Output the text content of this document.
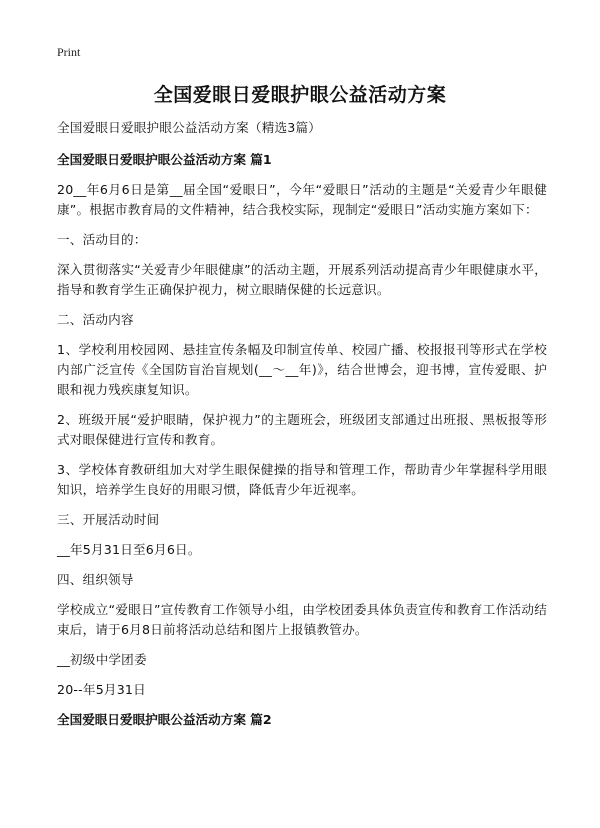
Print
全国爱眼日爱眼护眼公益活动方案
全国爱眼日爱眼护眼公益活动方案（精选3篇）
全国爱眼日爱眼护眼公益活动方案 篇1
20__年6月6日是第__届全国“爱眼日”，今年“爱眼日”活动的主题是“关爱青少年眼健康”。根据市教育局的文件精神，结合我校实际，现制定“爱眼日”活动实施方案如下：
一、活动目的：
深入贯彻落实“关爱青少年眼健康”的活动主题，开展系列活动提高青少年眼健康水平，指导和教育学生正确保护视力，树立眼睛保健的长远意识。
二、活动内容
1、学校利用校园网、悬挂宣传条幅及印制宣传单、校园广播、校报报刊等形式在学校内部广泛宣传《全国防盲治盲规划(__～__年)》，结合世博会，迎书博，宣传爱眼、护眼和视力残疾康复知识。
2、班级开展“爱护眼睛，保护视力”的主题班会，班级团支部通过出班报、黑板报等形式对眼保健进行宣传和教育。
3、学校体育教研组加大对学生眼保健操的指导和管理工作，帮助青少年掌握科学用眼知识，培养学生良好的用眼习惯，降低青少年近视率。
三、开展活动时间
__年5月31日至6月6日。
四、组织领导
学校成立“爱眼日”宣传教育工作领导小组，由学校团委具体负责宣传和教育工作活动结束后，请于6月8日前将活动总结和图片上报镇教管办。
__初级中学团委
20--年5月31日
全国爱眼日爱眼护眼公益活动方案 篇2
